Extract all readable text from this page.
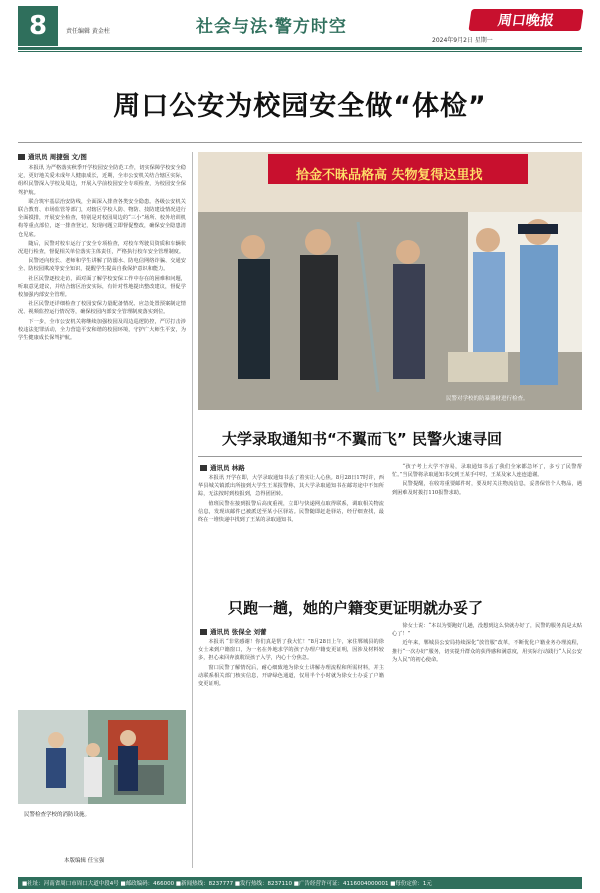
8	责任编辑 黄金柱	社会与法·警方时空	周口晚报
2024年9月2日 星期一
周口公安为校园安全做“体检”
通讯员 周捷强 文/图

本报讯 为严格落实秋季开学校园安全防范工作，切实保障学校安全稳定，更好地关爱未成年人健康成长，近期，全市公安机关结合辖区实际，组织民警深入学校及周边，开展入学前校园安全专项检查，为校园安全保驾护航。

联合筑牢基层治安防线，全面深入排查各类安全隐患。各级公安机关联合教育、市场监管等部门，对辖区学校人防、物防、技防建设情况进行全面摸排，开展安全检查，特别是对校园周边的“三小”场所、校外培训机构等重点部位，逐一排查登记，发现问题立即督促整改，确保安全隐患清仓见底。

随后，民警对校车运行了安全专项检查，对校车驾驶员资质和车辆状况进行检查，督促相关单位落实主体责任，严格执行校车安全管理制度。

民警还向校长、老师和学生讲解了防溺水、防电信网络诈骗、交通安全、防校园欺凌等安全知识，提醒学生提高自我保护意识和能力。

社区民警逐校走访，面对面了解学校安保工作中存在的困难和问题，听取意见建议，并结合辖区治安实际，有针对性地提出整改建议，督促学校加强内部安全管理。

社区民警还详细检查了校园安保力量配备情况、应急处置预案制定情况、视频监控运行情况等，确保校园内部安全管理制度落实到位。

下一步，全市公安机关将继续加强校园及周边巡逻防控，严厉打击涉校违法犯罪活动，全力营造平安和谐的校园环境，守护广大师生平安，为学生健康成长保驾护航。

民警检查学校的消防设施。
本版编辑 任宝强
拾金不昧品格高 失物复得这里找
民警对学校的防暴器材进行检查。
大学录取通知书“不翼而飞” 民警火速寻回
通讯员 林路

本报讯 开学在即，大学录取通知书丢了着实让人心焦。8月28日17时许，西华县城关镇派出所接到大学生王某报警称，其大学录取通知书在邮寄途中不知所踪，无法按时到校报到，急得团团转。

值班民警在接到报警后高度重视，立即与快递网点取得联系，调取相关物流信息，发现该邮件已被派送至某小区驿站。民警随即赶赴驿站，经仔细查找，最终在一堆快递中找到了王某的录取通知书。

“孩子考上大学不容易，录取通知书丢了我们全家都急坏了，多亏了民警帮忙。”当民警将录取通知书交到王某手中时，王某及家人连连道谢。

民警提醒，在收寄重要邮件时，要及时关注物流信息，妥善保管个人物品，遇到困难及时拨打110报警求助。

只跑一趟，她的户籍变更证明就办妥了
通讯员 张保全 刘蕾

本报讯 “非常感谢！你们真是帮了我大忙！”8月28日上午，家住郸城县的徐女士来到户籍窗口，为一名在外地求学的孩子办理户籍变更证明，因涉及材料较多，担心来回奔波耽误孩子入学，内心十分焦急。

窗口民警了解情况后，耐心细致地为徐女士讲解办理流程和所需材料，并主动联系相关部门核实信息，开辟绿色通道，仅用半个小时就为徐女士办妥了户籍变更证明。

徐女士说：“本以为要跑好几趟，没想到这么快就办好了，民警的服务真是太贴心了！”

近年来，郸城县公安局持续深化“放管服”改革，不断优化户籍业务办理流程，推行“一次办好”服务，切实提升群众的获得感和满意度，用实际行动践行“人民公安为人民”的初心使命。

■社址：河南省周口市周口大道中段4号 ■邮政编码：466000 ■新闻热线：8237777 ■发行热线：8237110 ■广告经营许可证：4116004000001 ■每份定价：1元
